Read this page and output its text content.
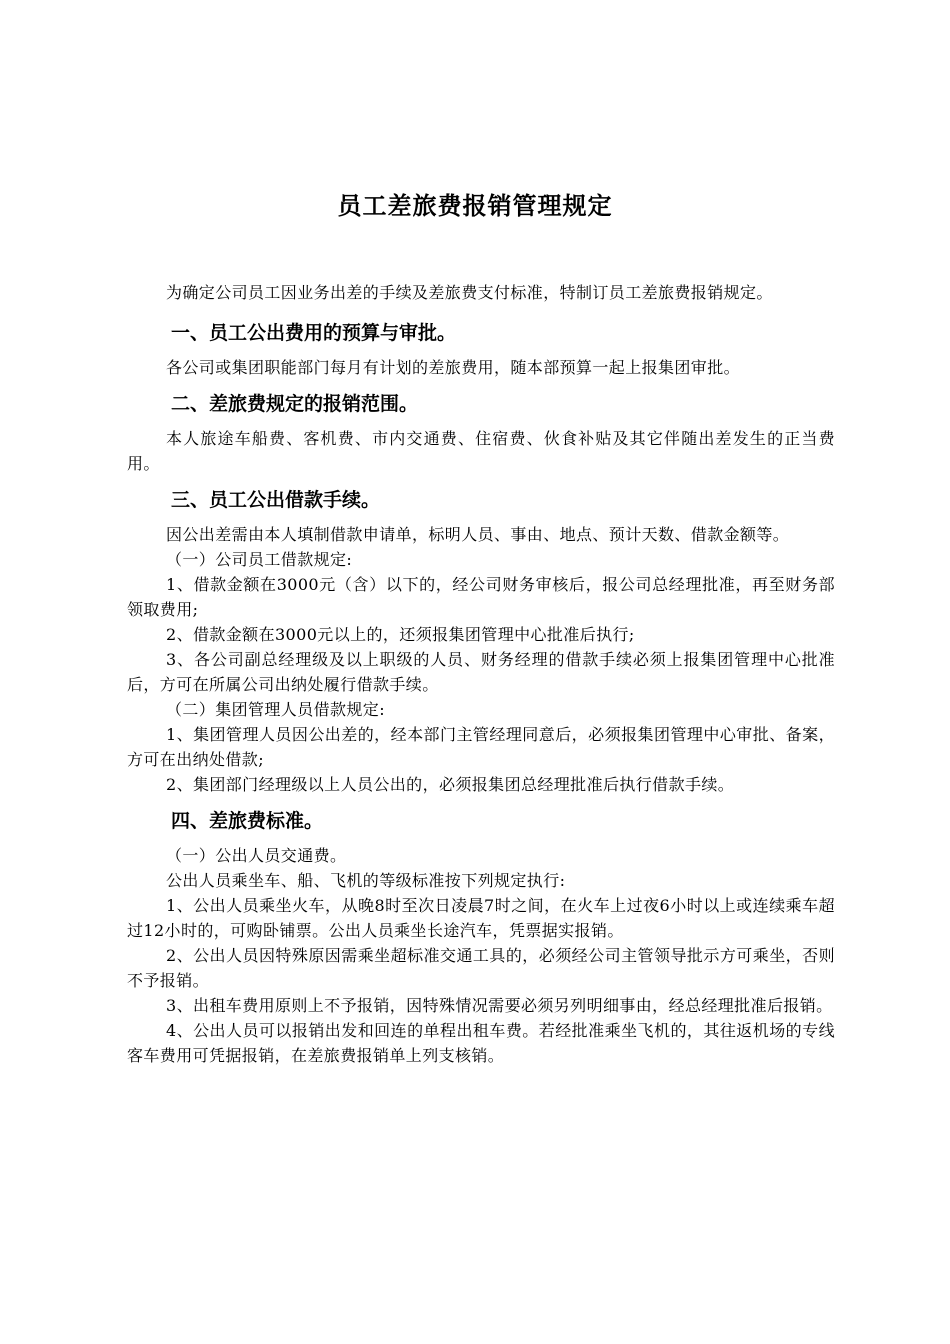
员工差旅费报销管理规定

为确定公司员工因业务出差的手续及差旅费支付标准，特制订员工差旅费报销规定。

一、员工公出费用的预算与审批。

各公司或集团职能部门每月有计划的差旅费用，随本部预算一起上报集团审批。

二、差旅费规定的报销范围。

本人旅途车船费、客机费、市内交通费、住宿费、伙食补贴及其它伴随出差发生的正当费用。

三、员工公出借款手续。

因公出差需由本人填制借款申请单，标明人员、事由、地点、预计天数、借款金额等。

（一）公司员工借款规定:

1、借款金额在3000元（含）以下的，经公司财务审核后，报公司总经理批准，再至财务部领取费用;

2、借款金额在3000元以上的，还须报集团管理中心批准后执行;

3、各公司副总经理级及以上职级的人员、财务经理的借款手续必须上报集团管理中心批准后，方可在所属公司出纳处履行借款手续。

（二）集团管理人员借款规定:

1、集团管理人员因公出差的，经本部门主管经理同意后，必须报集团管理中心审批、备案，方可在出纳处借款;

2、集团部门经理级以上人员公出的，必须报集团总经理批准后执行借款手续。

四、差旅费标准。

（一）公出人员交通费。

公出人员乘坐车、船、飞机的等级标准按下列规定执行:

1、公出人员乘坐火车，从晚8时至次日凌晨7时之间，在火车上过夜6小时以上或连续乘车超过12小时的，可购卧铺票。公出人员乘坐长途汽车，凭票据实报销。

2、公出人员因特殊原因需乘坐超标准交通工具的，必须经公司主管领导批示方可乘坐，否则不予报销。

3、出租车费用原则上不予报销，因特殊情况需要必须另列明细事由，经总经理批准后报销。

4、公出人员可以报销出发和回连的单程出租车费。若经批准乘坐飞机的，其往返机场的专线客车费用可凭据报销，在差旅费报销单上列支核销。
